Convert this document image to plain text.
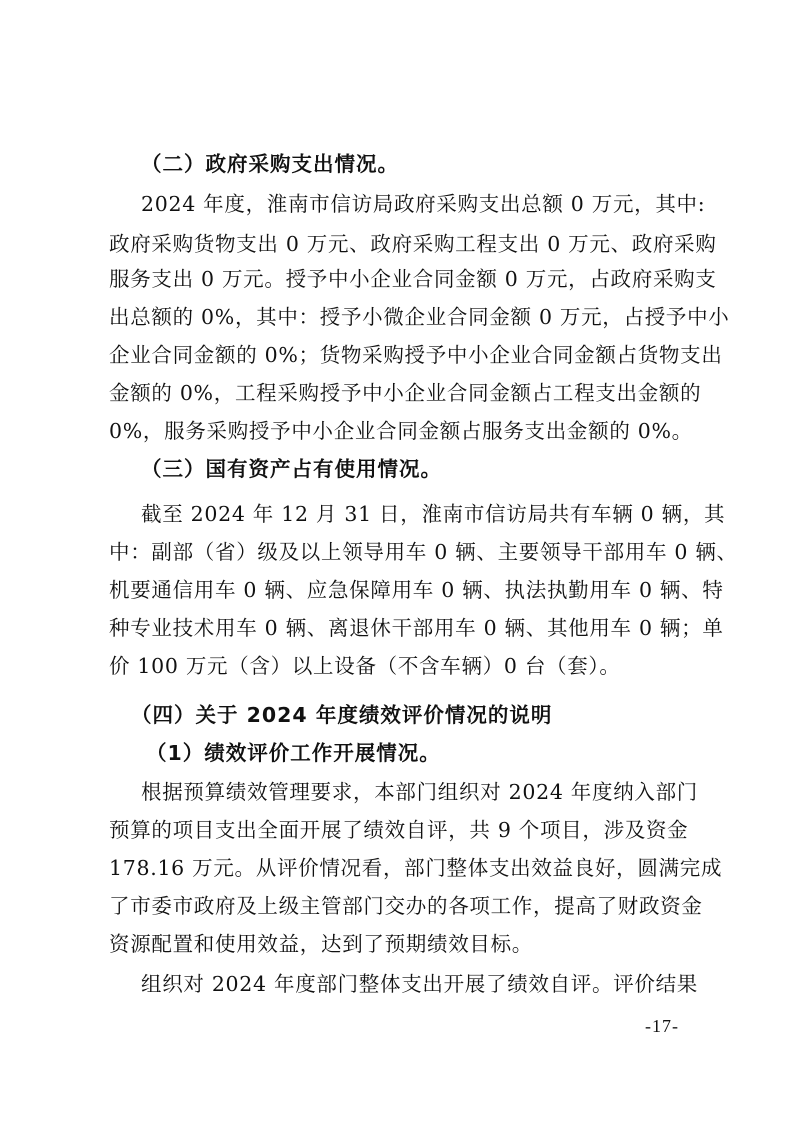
（二）政府采购支出情况。
2024 年度，淮南市信访局政府采购支出总额 0 万元，其中:
政府采购货物支出 0 万元、政府采购工程支出 0 万元、政府采购
服务支出 0 万元。授予中小企业合同金额 0 万元，占政府采购支
出总额的 0%，其中：授予小微企业合同金额 0 万元，占授予中小
企业合同金额的 0%；货物采购授予中小企业合同金额占货物支出
金额的 0%，工程采购授予中小企业合同金额占工程支出金额的
0%，服务采购授予中小企业合同金额占服务支出金额的 0%。
（三）国有资产占有使用情况。
截至 2024 年 12 月 31 日，淮南市信访局共有车辆 0 辆，其
中：副部（省）级及以上领导用车 0 辆、主要领导干部用车 0 辆、
机要通信用车 0 辆、应急保障用车 0 辆、执法执勤用车 0 辆、特
种专业技术用车 0 辆、离退休干部用车 0 辆、其他用车 0 辆；单
价 100 万元（含）以上设备（不含车辆）0 台（套）。
（四）关于 2024 年度绩效评价情况的说明
（1）绩效评价工作开展情况。
根据预算绩效管理要求，本部门组织对 2024 年度纳入部门
预算的项目支出全面开展了绩效自评，共 9 个项目，涉及资金
178.16 万元。从评价情况看，部门整体支出效益良好，圆满完成
了市委市政府及上级主管部门交办的各项工作，提高了财政资金
资源配置和使用效益，达到了预期绩效目标。
组织对 2024 年度部门整体支出开展了绩效自评。评价结果
-17-
